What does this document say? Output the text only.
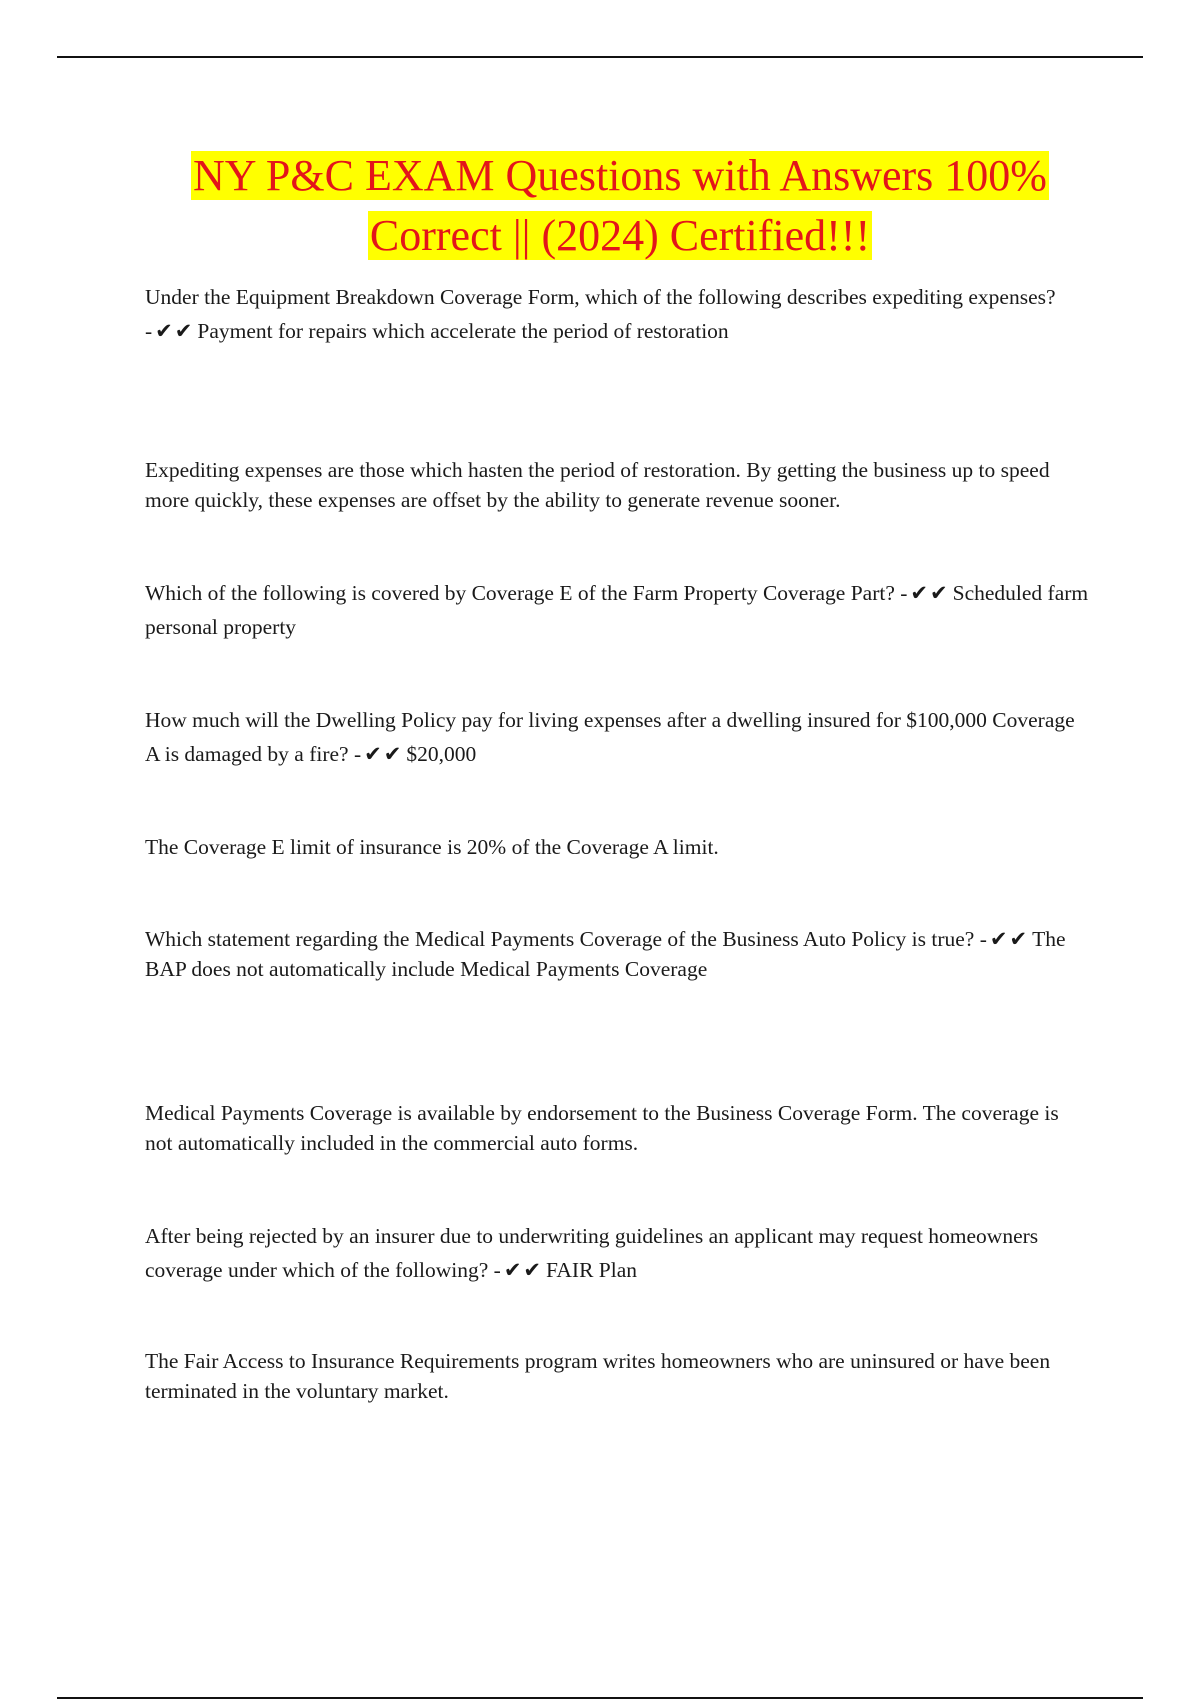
NY P&C EXAM Questions with Answers 100%
Correct || (2024) Certified!!!

Under the Equipment Breakdown Coverage Form, which of the following describes expediting expenses? - ✔✔ Payment for repairs which accelerate the period of restoration

Expediting expenses are those which hasten the period of restoration. By getting the business up to speed more quickly, these expenses are offset by the ability to generate revenue sooner.

Which of the following is covered by Coverage E of the Farm Property Coverage Part? - ✔✔ Scheduled farm personal property

How much will the Dwelling Policy pay for living expenses after a dwelling insured for $100,000 Coverage A is damaged by a fire? - ✔✔ $20,000

The Coverage E limit of insurance is 20% of the Coverage A limit.

Which statement regarding the Medical Payments Coverage of the Business Auto Policy is true? - ✔✔ The BAP does not automatically include Medical Payments Coverage

Medical Payments Coverage is available by endorsement to the Business Coverage Form. The coverage is not automatically included in the commercial auto forms.

After being rejected by an insurer due to underwriting guidelines an applicant may request homeowners coverage under which of the following? - ✔✔ FAIR Plan

The Fair Access to Insurance Requirements program writes homeowners who are uninsured or have been terminated in the voluntary market.
